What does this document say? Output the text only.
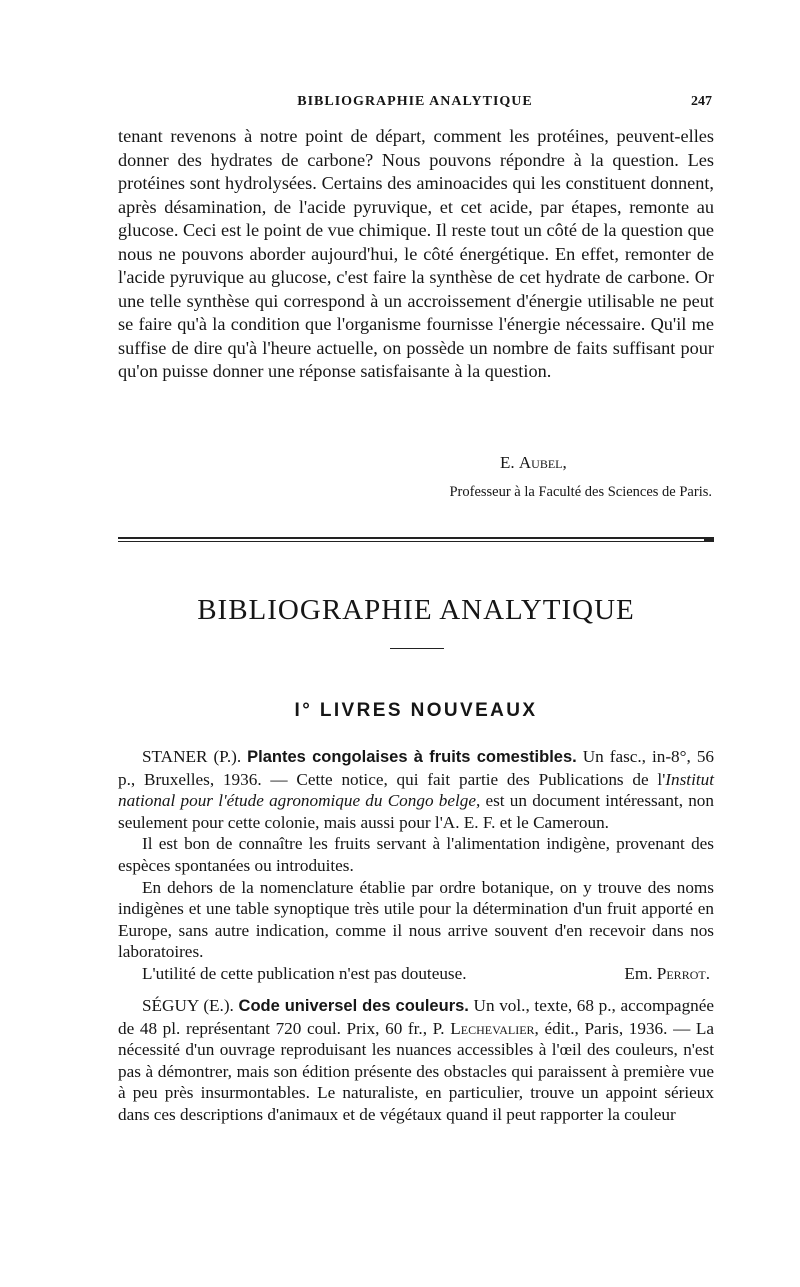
BIBLIOGRAPHIE ANALYTIQUE	247

tenant revenons à notre point de départ, comment les protéines, peuvent-elles donner des hydrates de carbone? Nous pouvons répondre à la question. Les protéines sont hydrolysées. Certains des aminoacides qui les constituent donnent, après désamination, de l'acide pyruvique, et cet acide, par étapes, remonte au glucose. Ceci est le point de vue chimique. Il reste tout un côté de la question que nous ne pouvons aborder aujourd'hui, le côté énergétique. En effet, remonter de l'acide pyruvique au glucose, c'est faire la synthèse de cet hydrate de carbone. Or une telle synthèse qui correspond à un accroissement d'énergie utilisable ne peut se faire qu'à la condition que l'organisme fournisse l'énergie nécessaire. Qu'il me suffise de dire qu'à l'heure actuelle, on possède un nombre de faits suffisant pour qu'on puisse donner une réponse satisfaisante à la question.

E. Aubel,
Professeur à la Faculté des Sciences de Paris.
BIBLIOGRAPHIE ANALYTIQUE
I° LIVRES NOUVEAUX

STANER (P.). Plantes congolaises à fruits comestibles. Un fasc., in-8°, 56 p., Bruxelles, 1936. — Cette notice, qui fait partie des Publications de l'Institut national pour l'étude agronomique du Congo belge, est un document intéressant, non seulement pour cette colonie, mais aussi pour l'A. E. F. et le Cameroun.

Il est bon de connaître les fruits servant à l'alimentation indigène, provenant des espèces spontanées ou introduites.

En dehors de la nomenclature établie par ordre botanique, on y trouve des noms indigènes et une table synoptique très utile pour la détermination d'un fruit apporté en Europe, sans autre indication, comme il nous arrive souvent d'en recevoir dans nos laboratoires.

L'utilité de cette publication n'est pas douteuse.	Em. Perrot.

SÉGUY (E.). Code universel des couleurs. Un vol., texte, 68 p., accompagnée de 48 pl. représentant 720 coul. Prix, 60 fr., P. Lechevalier, édit., Paris, 1936. — La nécessité d'un ouvrage reproduisant les nuances accessibles à l'œil des couleurs, n'est pas à démontrer, mais son édition présente des obstacles qui paraissent à première vue à peu près insurmontables. Le naturaliste, en particulier, trouve un appoint sérieux dans ces descriptions d'animaux et de végétaux quand il peut rapporter la couleur
